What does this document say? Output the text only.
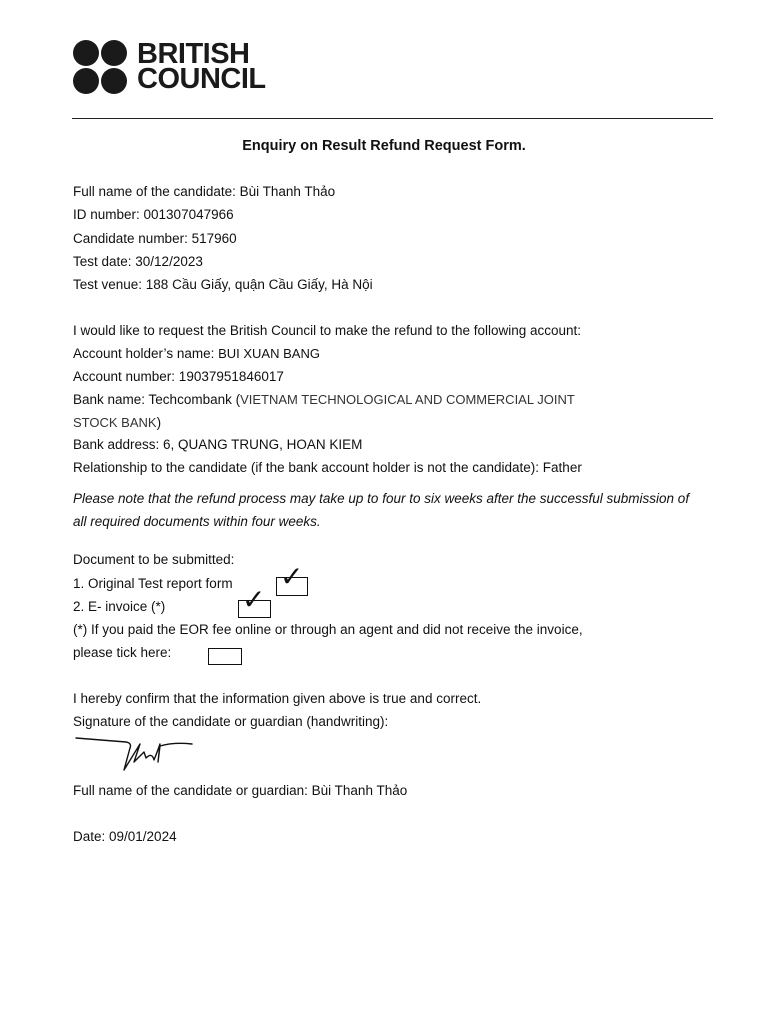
BRITISH
COUNCIL
Enquiry on Result Refund Request Form.
Full name of the candidate: Bùi Thanh Thảo
ID number: 001307047966
Candidate number: 517960
Test date: 30/12/2023
Test venue: 188 Cầu Giấy, quận Cầu Giấy, Hà Nội
I would like to request the British Council to make the refund to the following account:
Account holder’s name: BUI XUAN BANG
Account number: 19037951846017
Bank name: Techcombank (VIETNAM TECHNOLOGICAL AND COMMERCIAL JOINT
STOCK BANK)
Bank address: 6, QUANG TRUNG, HOAN KIEM
Relationship to the candidate (if the bank account holder is not the candidate): Father
Please note that the refund process may take up to four to six weeks after the successful submission of
all required documents within four weeks.
Document to be submitted:
1. Original Test report form ✓
2. E- invoice (*)	✓
(*) If you paid the EOR fee online or through an agent and did not receive the invoice,
please tick here:
I hereby confirm that the information given above is true and correct.
Signature of the candidate or guardian (handwriting):
Full name of the candidate or guardian: Bùi Thanh Thảo
Date: 09/01/2024
